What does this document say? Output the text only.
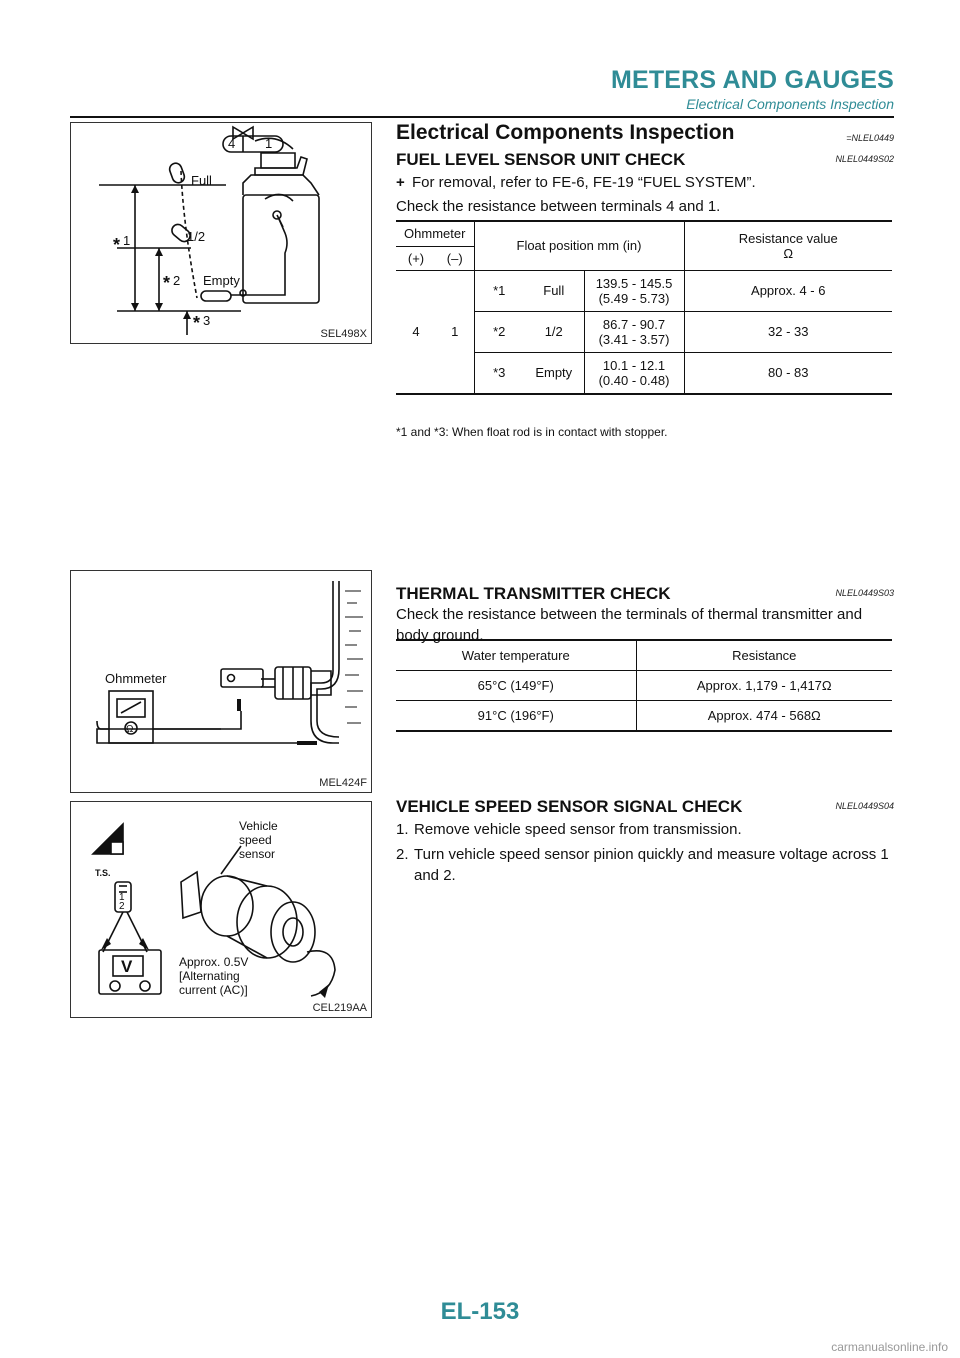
METERS AND GAUGES
Electrical Components Inspection
4 1
Full
1/2
Empty
* 1
* 2
* 3
SEL498X
Electrical Components Inspection	=NLEL0449
FUEL LEVEL SENSOR UNIT CHECK	NLEL0449S02
+ For removal, refer to FE-6, FE-19 “FUEL SYSTEM”.
Check the resistance between terminals 4 and 1.
Ohmmeter		Float position mm (in)			Resistance value Ω
(+)	(–)				
4	1	*1	Full	139.5 - 145.5 (5.49 - 5.73)	Approx. 4 - 6
		*2	1/2	86.7 - 90.7 (3.41 - 3.57)	32 - 33
		*3	Empty	10.1 - 12.1 (0.40 - 0.48)	80 - 83
*1 and *3: When float rod is in contact with stopper.
Ohmmeter
Ω
MEL424F
THERMAL TRANSMITTER CHECK	NLEL0449S03
Check the resistance between the terminals of thermal transmitter and body ground.
Water temperature	Resistance
65°C (149°F)	Approx. 1,179 - 1,417Ω
91°C (196°F)	Approx. 474 - 568Ω
T.S.
1
2
V
Vehicle
speed
sensor
Approx. 0.5V
[Alternating
current (AC)]
CEL219AA
VEHICLE SPEED SENSOR SIGNAL CHECK	NLEL0449S04
1. Remove vehicle speed sensor from transmission.
2. Turn vehicle speed sensor pinion quickly and measure voltage across 1 and 2.
EL-153
carmanualsonline.info
